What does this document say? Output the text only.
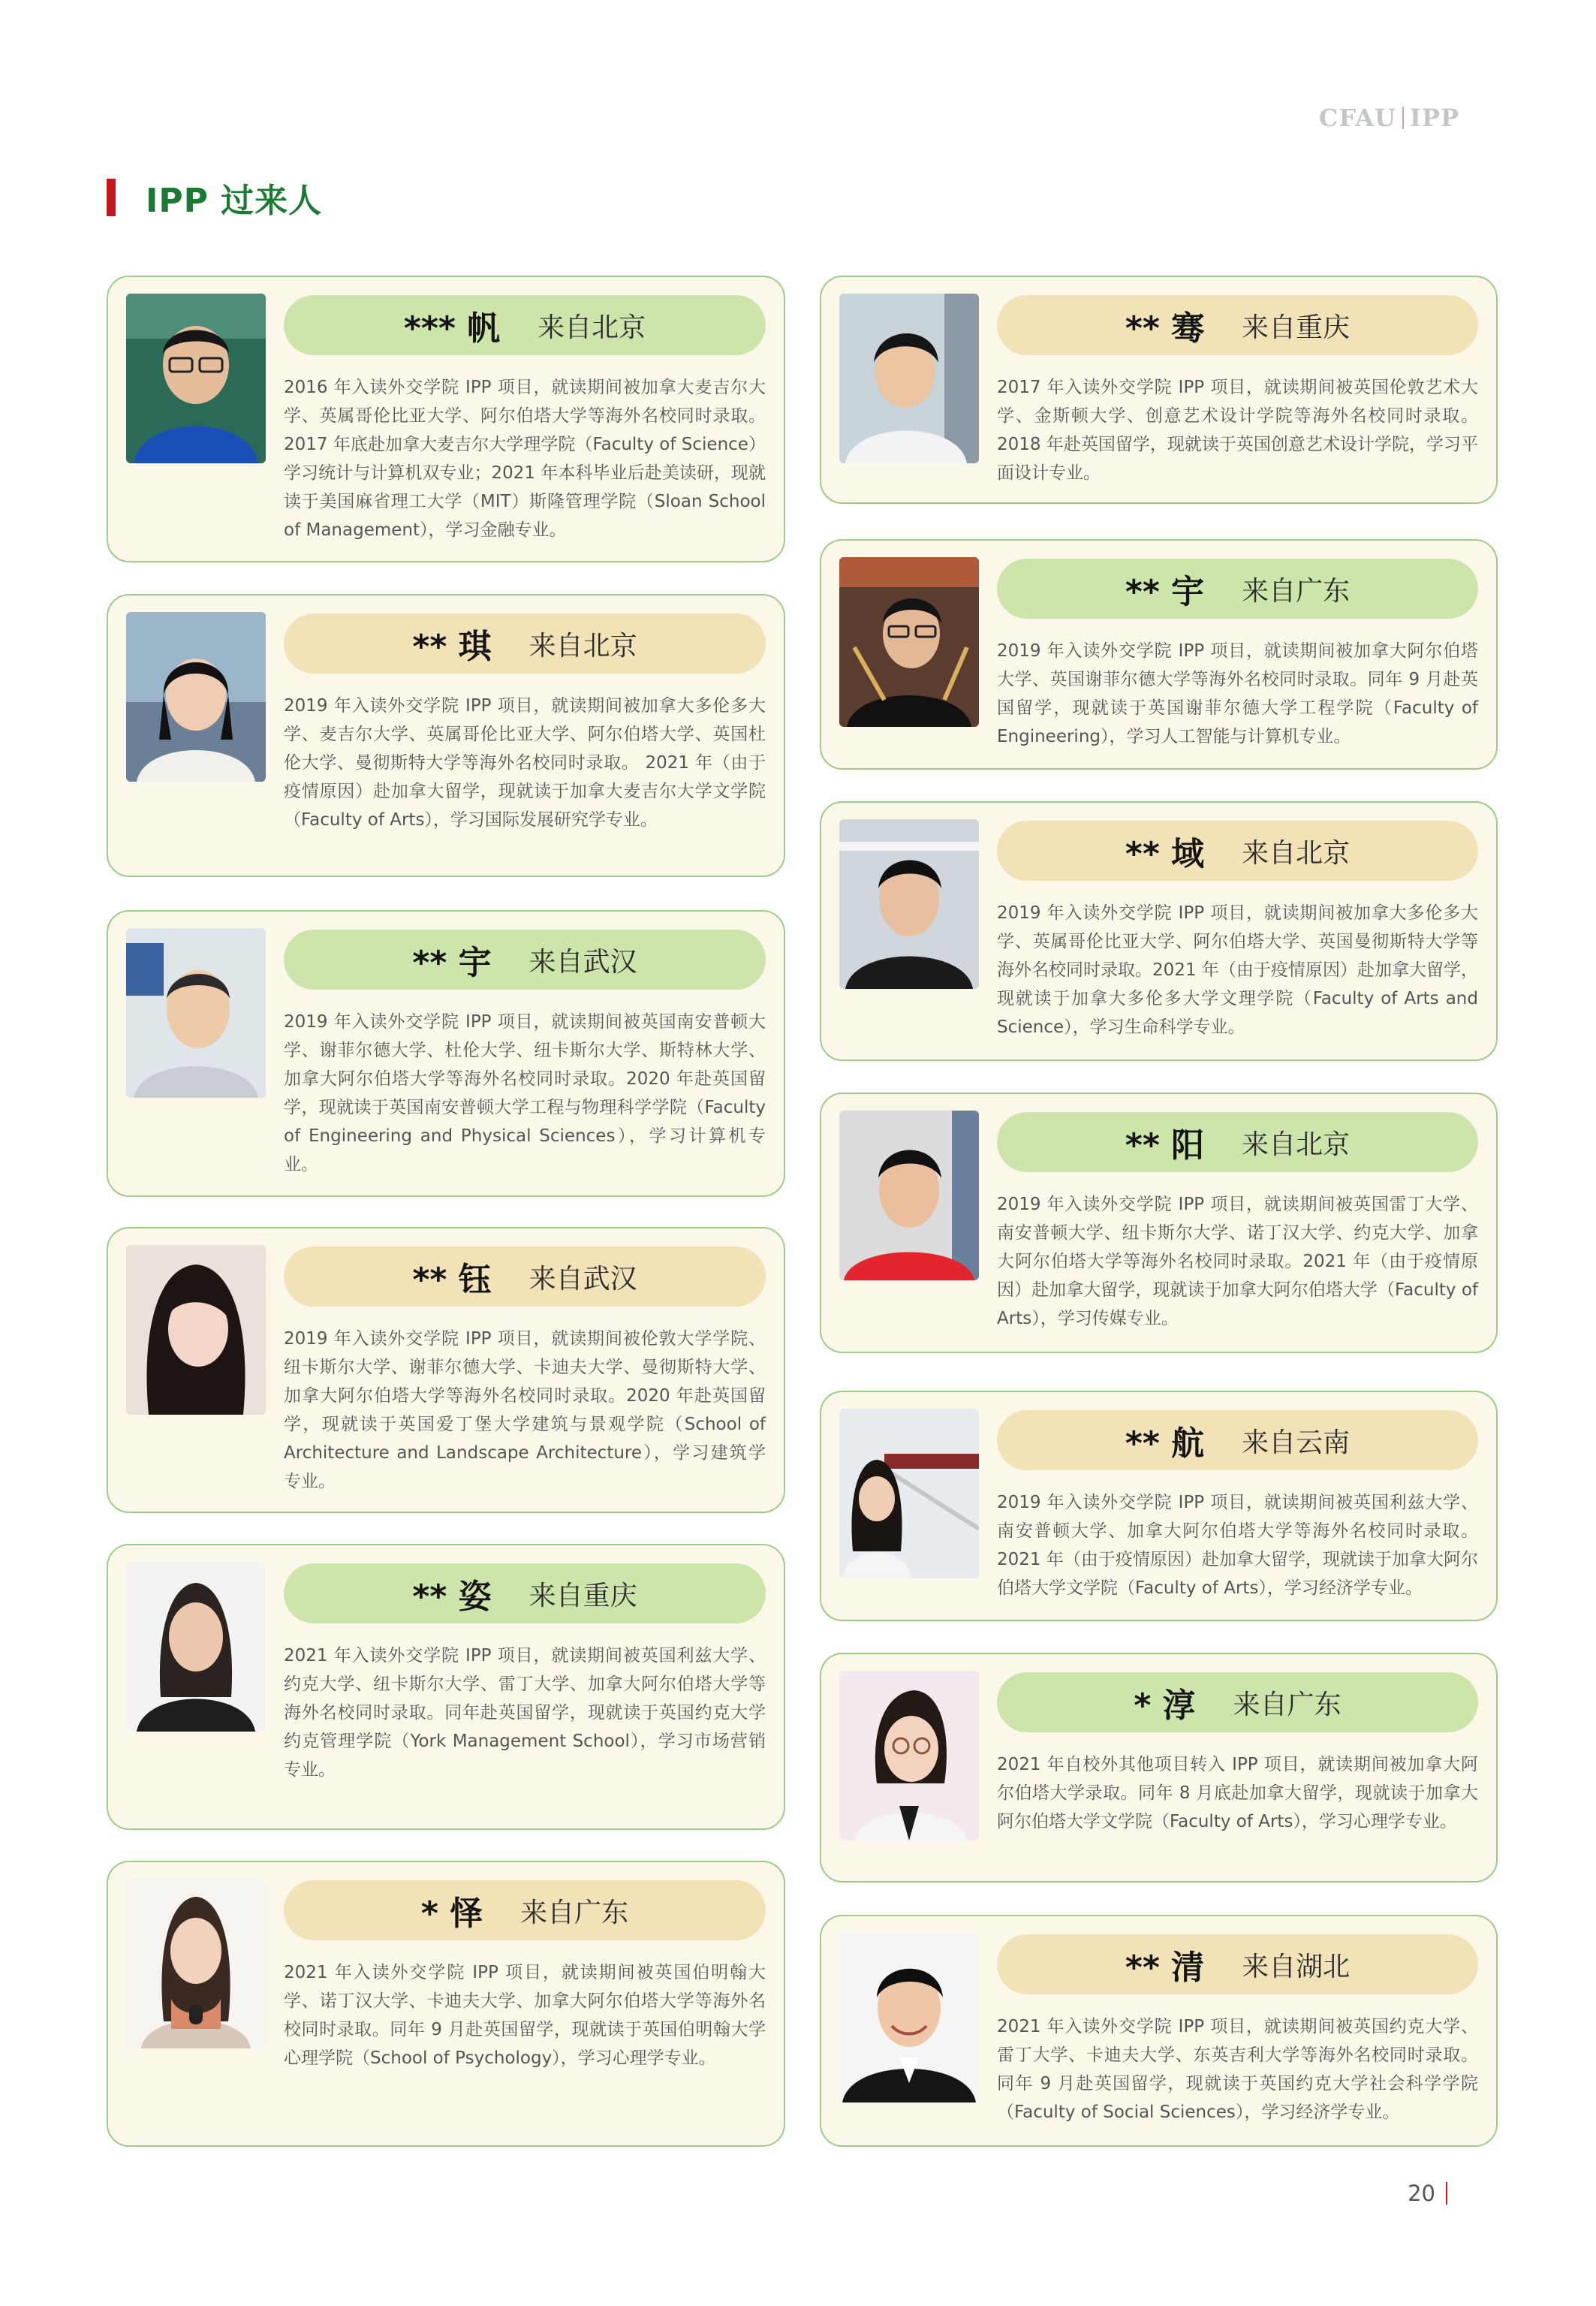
CFAU IPP
IPP 过来人
*** 帆 来自北京

2016 年入读外交学院 IPP 项目，就读期间被加拿大麦吉尔大学、英属哥伦比亚大学、阿尔伯塔大学等海外名校同时录取。2017 年底赴加拿大麦吉尔大学理学院（Faculty of Science）学习统计与计算机双专业；2021 年本科毕业后赴美读研，现就读于美国麻省理工大学（MIT）斯隆管理学院（Sloan School of Management），学习金融专业。

** 琪 来自北京

2019 年入读外交学院 IPP 项目，就读期间被加拿大多伦多大学、麦吉尔大学、英属哥伦比亚大学、阿尔伯塔大学、英国杜伦大学、曼彻斯特大学等海外名校同时录取。 2021 年（由于疫情原因）赴加拿大留学，现就读于加拿大麦吉尔大学文学院（Faculty of Arts），学习国际发展研究学专业。

** 宇 来自武汉

2019 年入读外交学院 IPP 项目，就读期间被英国南安普顿大学、谢菲尔德大学、杜伦大学、纽卡斯尔大学、斯特林大学、加拿大阿尔伯塔大学等海外名校同时录取。2020 年赴英国留学，现就读于英国南安普顿大学工程与物理科学学院（Faculty of Engineering and Physical Sciences），学习计算机专业。

** 钰 来自武汉

2019 年入读外交学院 IPP 项目，就读期间被伦敦大学学院、纽卡斯尔大学、谢菲尔德大学、卡迪夫大学、曼彻斯特大学、加拿大阿尔伯塔大学等海外名校同时录取。2020 年赴英国留学，现就读于英国爱丁堡大学建筑与景观学院（School of Architecture and Landscape Architecture），学习建筑学专业。

** 姿 来自重庆

2021 年入读外交学院 IPP 项目，就读期间被英国利兹大学、约克大学、纽卡斯尔大学、雷丁大学、加拿大阿尔伯塔大学等海外名校同时录取。同年赴英国留学，现就读于英国约克大学约克管理学院（York Management School），学习市场营销专业。

* 怿 来自广东

2021 年入读外交学院 IPP 项目，就读期间被英国伯明翰大学、诺丁汉大学、卡迪夫大学、加拿大阿尔伯塔大学等海外名校同时录取。同年 9 月赴英国留学，现就读于英国伯明翰大学心理学院（School of Psychology），学习心理学专业。

** 骞 来自重庆

2017 年入读外交学院 IPP 项目，就读期间被英国伦敦艺术大学、金斯顿大学、创意艺术设计学院等海外名校同时录取。2018 年赴英国留学，现就读于英国创意艺术设计学院，学习平面设计专业。

** 宇 来自广东

2019 年入读外交学院 IPP 项目，就读期间被加拿大阿尔伯塔大学、英国谢菲尔德大学等海外名校同时录取。同年 9 月赴英国留学，现就读于英国谢菲尔德大学工程学院（Faculty of Engineering），学习人工智能与计算机专业。

** 域 来自北京

2019 年入读外交学院 IPP 项目，就读期间被加拿大多伦多大学、英属哥伦比亚大学、阿尔伯塔大学、英国曼彻斯特大学等海外名校同时录取。2021 年（由于疫情原因）赴加拿大留学，现就读于加拿大多伦多大学文理学院（Faculty of Arts and Science），学习生命科学专业。

** 阳 来自北京

2019 年入读外交学院 IPP 项目，就读期间被英国雷丁大学、南安普顿大学、纽卡斯尔大学、诺丁汉大学、约克大学、加拿大阿尔伯塔大学等海外名校同时录取。2021 年（由于疫情原因）赴加拿大留学，现就读于加拿大阿尔伯塔大学（Faculty of Arts），学习传媒专业。

** 航 来自云南

2019 年入读外交学院 IPP 项目，就读期间被英国利兹大学、南安普顿大学、加拿大阿尔伯塔大学等海外名校同时录取。2021 年（由于疫情原因）赴加拿大留学，现就读于加拿大阿尔伯塔大学文学院（Faculty of Arts），学习经济学专业。

* 淳 来自广东

2021 年自校外其他项目转入 IPP 项目，就读期间被加拿大阿尔伯塔大学录取。同年 8 月底赴加拿大留学，现就读于加拿大阿尔伯塔大学文学院（Faculty of Arts），学习心理学专业。

** 清 来自湖北

2021 年入读外交学院 IPP 项目，就读期间被英国约克大学、雷丁大学、卡迪夫大学、东英吉利大学等海外名校同时录取。同年 9 月赴英国留学，现就读于英国约克大学社会科学学院（Faculty of Social Sciences），学习经济学专业。

20
